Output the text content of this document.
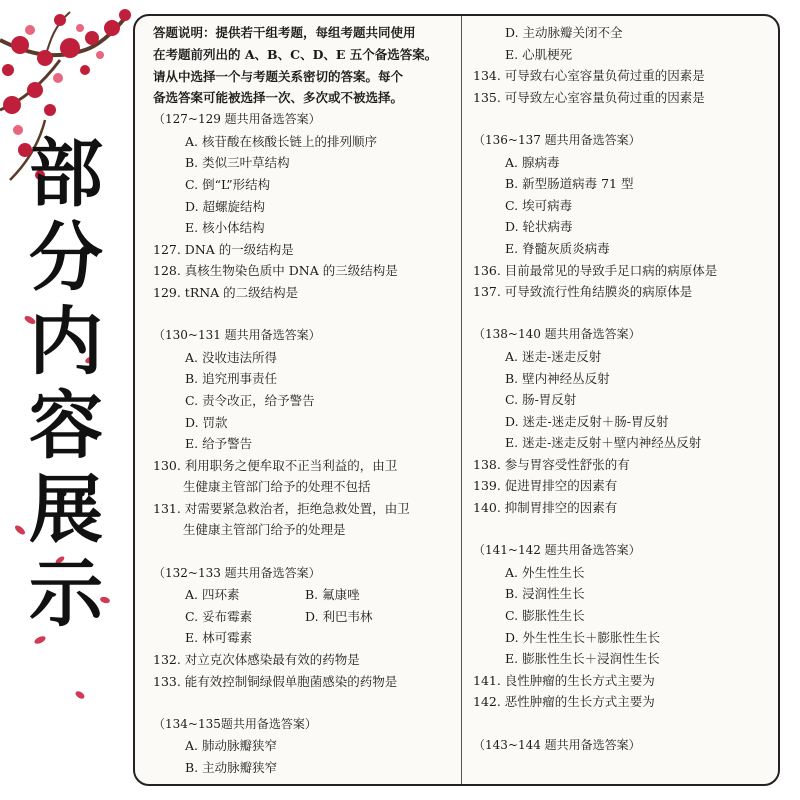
部
分
内
容
展
示
答题说明：提供若干组考题，每组考题共同使用
在考题前列出的 A、B、C、D、E 五个备选答案。
请从中选择一个与考题关系密切的答案。每个
备选答案可能被选择一次、多次或不被选择。
（127~129 题共用备选答案）
A. 核苷酸在核酸长链上的排列顺序
B. 类似三叶草结构
C. 倒“L”形结构
D. 超螺旋结构
E. 核小体结构
127. DNA 的一级结构是
128. 真核生物染色质中 DNA 的三级结构是
129. tRNA 的二级结构是
（130~131 题共用备选答案）
A. 没收违法所得
B. 追究刑事责任
C. 责令改正，给予警告
D. 罚款
E. 给予警告
130. 利用职务之便牟取不正当利益的，由卫
生健康主管部门给予的处理不包括
131. 对需要紧急救治者，拒绝急救处置，由卫
生健康主管部门给予的处理是
（132~133 题共用备选答案）
A. 四环素	B. 氟康唑
C. 妥布霉素	D. 利巴韦林
E. 林可霉素
132. 对立克次体感染最有效的药物是
133. 能有效控制铜绿假单胞菌感染的药物是
（134~135题共用备选答案）
A. 肺动脉瓣狭窄
B. 主动脉瓣狭窄
D. 主动脉瓣关闭不全
E. 心肌梗死
134. 可导致右心室容量负荷过重的因素是
135. 可导致左心室容量负荷过重的因素是
（136~137 题共用备选答案）
A. 腺病毒
B. 新型肠道病毒 71 型
C. 埃可病毒
D. 轮状病毒
E. 脊髓灰质炎病毒
136. 目前最常见的导致手足口病的病原体是
137. 可导致流行性角结膜炎的病原体是
（138~140 题共用备选答案）
A. 迷走-迷走反射
B. 壁内神经丛反射
C. 肠-胃反射
D. 迷走-迷走反射＋肠-胃反射
E. 迷走-迷走反射＋壁内神经丛反射
138. 参与胃容受性舒张的有
139. 促进胃排空的因素有
140. 抑制胃排空的因素有
（141~142 题共用备选答案）
A. 外生性生长
B. 浸润性生长
C. 膨胀性生长
D. 外生性生长＋膨胀性生长
E. 膨胀性生长＋浸润性生长
141. 良性肿瘤的生长方式主要为
142. 恶性肿瘤的生长方式主要为
（143~144 题共用备选答案）
